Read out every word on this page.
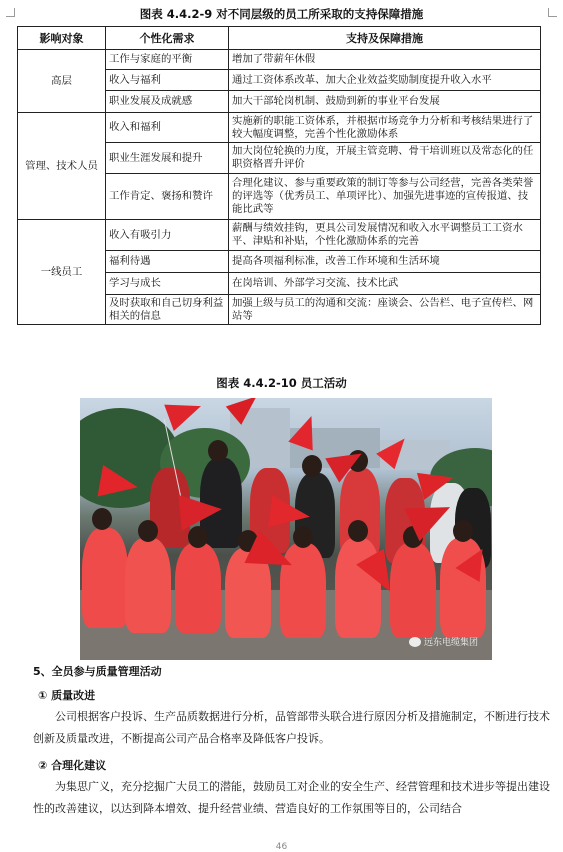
图表 4.4.2-9 对不同层级的员工所采取的支持保障措施
影响对象	个性化需求	支持及保障措施
高层	工作与家庭的平衡	增加了带薪年休假
	收入与福利	通过工资体系改革、加大企业效益奖励制度提升收入水平
	职业发展及成就感	加大干部轮岗机制、鼓励到新的事业平台发展
管理、技术人员	收入和福利	实施新的职能工资体系，并根据市场竞争力分析和考核结果进行了较大幅度调整，完善个性化激励体系
	职业生涯发展和提升	加大岗位轮换的力度，开展主管竞聘、骨干培训班以及常态化的任职资格晋升评价
	工作肯定、褒扬和赞许	合理化建议、参与重要政策的制订等参与公司经营，完善各类荣誉的评选等（优秀员工、单项评比）、加强先进事迹的宣传报道、技能比武等
一线员工	收入有吸引力	薪酬与绩效挂钩，更具公司发展情况和收入水平调整员工工资水平、津贴和补贴，个性化激励体系的完善
	福利待遇	提高各项福利标准，改善工作环境和生活环境
	学习与成长	在岗培训、外部学习交流、技术比武
	及时获取和自己切身利益相关的信息	加强上级与员工的沟通和交流：座谈会、公告栏、电子宣传栏、网站等
图表 4.4.2-10 员工活动
远东电缆集团
5、全员参与质量管理活动
① 质量改进
公司根据客户投诉、生产品质数据进行分析，品管部带头联合进行原因分析及措施制定，不断进行技术创新及质量改进，不断提高公司产品合格率及降低客户投诉。
② 合理化建议
为集思广义，充分挖掘广大员工的潜能，鼓励员工对企业的安全生产、经营管理和技术进步等提出建设性的改善建议，以达到降本增效、提升经营业绩、营造良好的工作氛围等目的，公司结合
46
